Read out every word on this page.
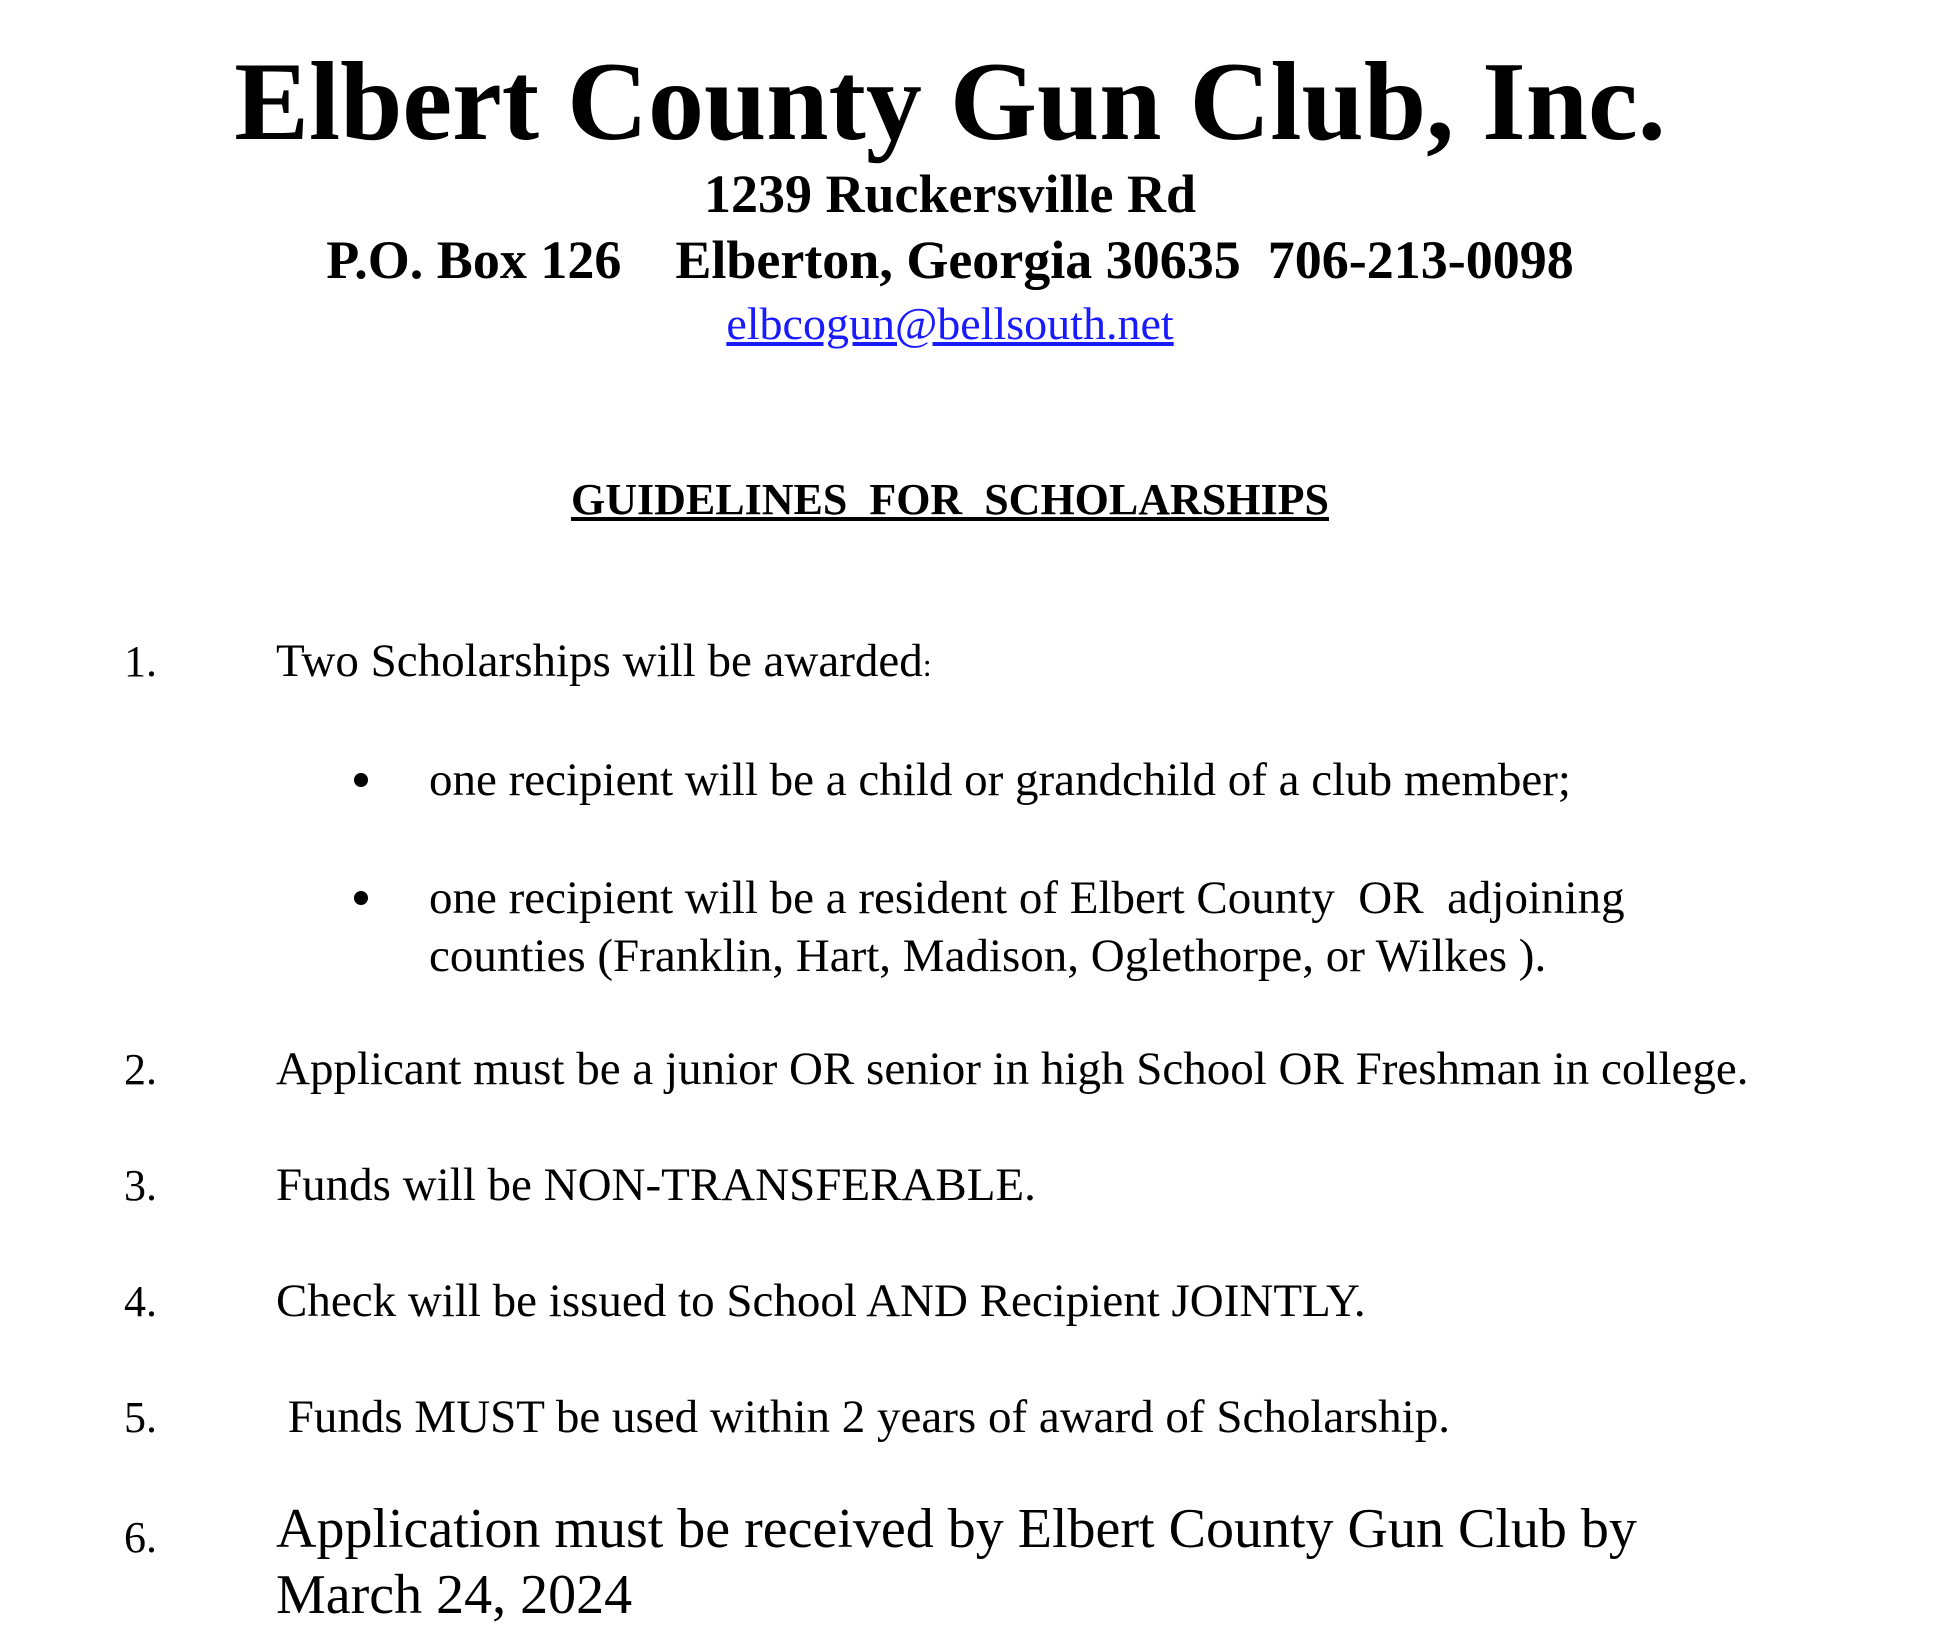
Elbert County Gun Club, Inc.
1239 Ruckersville Rd
P.O. Box 126    Elberton, Georgia 30635  706-213-0098
elbcogun@bellsouth.net
GUIDELINES  FOR  SCHOLARSHIPS
1.	Two Scholarships will be awarded:
one recipient will be a child or grandchild of a club member;
one recipient will be a resident of Elbert County  OR  adjoining
counties (Franklin, Hart, Madison, Oglethorpe, or Wilkes ).
2.	Applicant must be a junior OR senior in high School OR Freshman in college.
3.	Funds will be NON-TRANSFERABLE.
4.	Check will be issued to School AND Recipient JOINTLY.
5.	Funds MUST be used within 2 years of award of Scholarship.
6. Application must be received by Elbert County Gun Club by
March 24, 2024
